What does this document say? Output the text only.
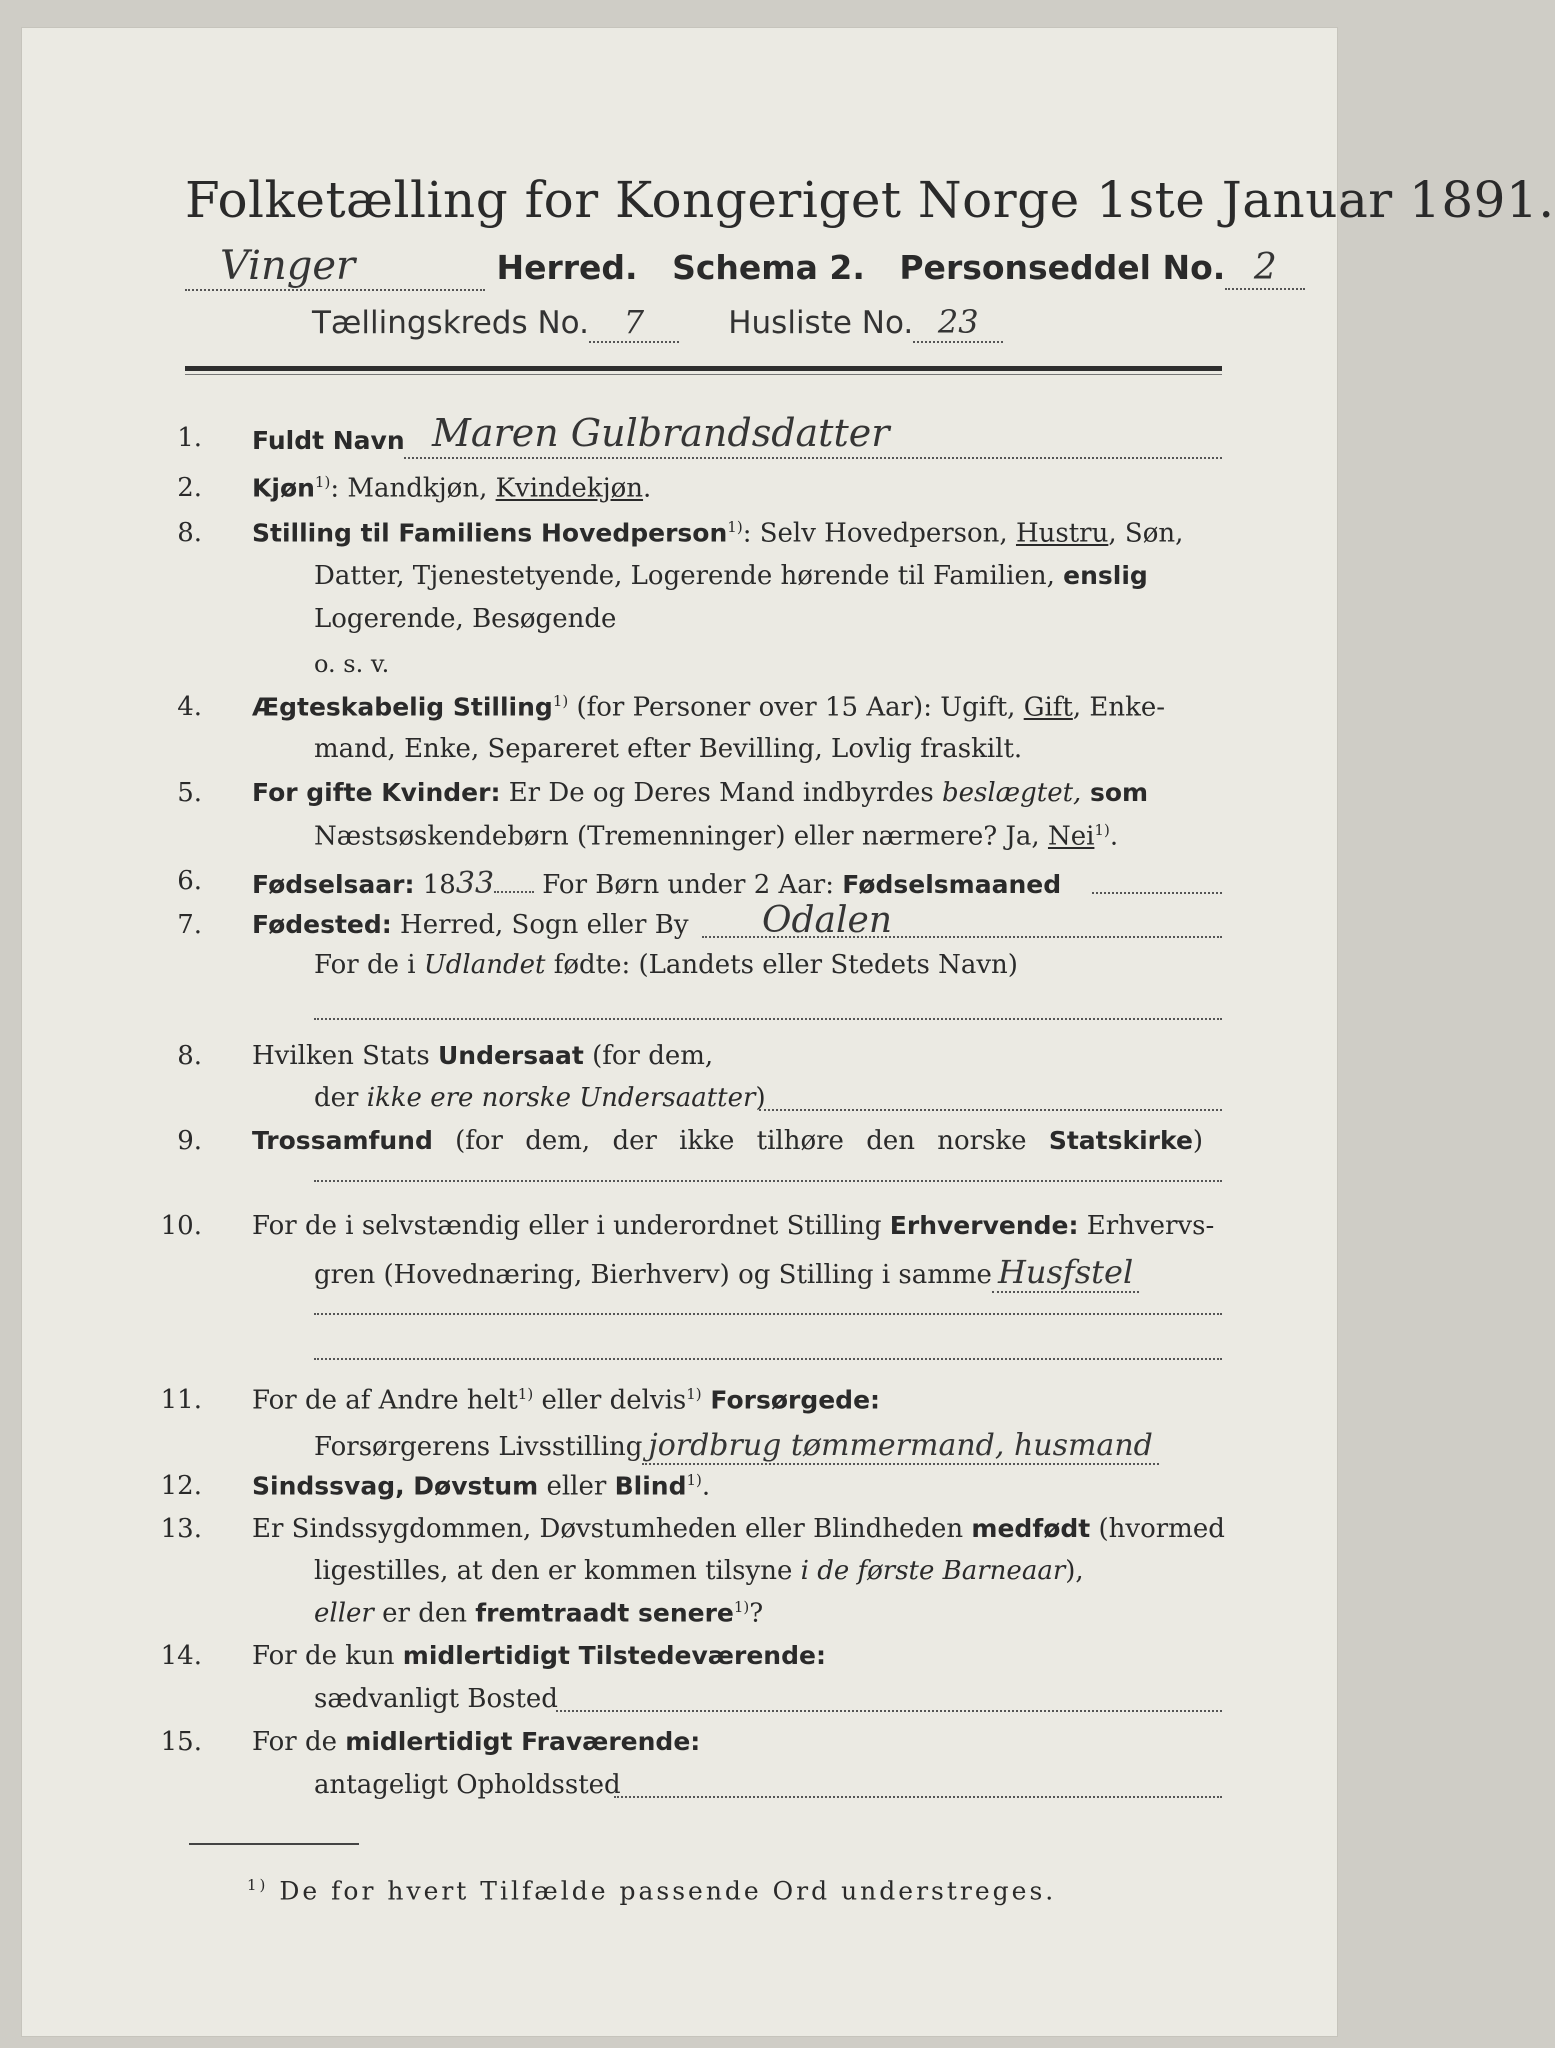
Folketælling for Kongeriget Norge 1ste Januar 1891.
Vinger	Herred. Schema 2. Personseddel No. 2
Tællingskreds No. 7	Husliste No. 23
1. Fuldt Navn Maren Gulbrandsdatter
2. Kjøn$^{1)}$: Mandkjøn, Kvindekjøn.
8. Stilling til Familiens Hovedperson$^{1)}$: Selv Hovedperson, Hustru, Søn,
Datter, Tjenestetyende, Logerende hørende til Familien, enslig
Logerende, Besøgende
o. s. v.
4. Ægteskabelig Stilling$^{1)}$ (for Personer over 15 Aar): Ugift, Gift, Enke-
mand, Enke, Separeret efter Bevilling, Lovlig fraskilt.
5. For gifte Kvinder: Er De og Deres Mand indbyrdes beslægtet, som
Næstsøskendebørn (Tremenninger) eller nærmere? Ja, Nei$^{1)}$.
6. Fødselsaar: 1833 For Børn under 2 Aar: Fødselsmaaned
7. Fødested: Herred, Sogn eller By Odalen
For de i Udlandet fødte: (Landets eller Stedets Navn)
8. Hvilken Stats Undersaat (for dem,
der ikke ere norske Undersaatter)
9. Trossamfund (for dem, der ikke tilhøre den norske Statskirke)
10. For de i selvstændig eller i underordnet Stilling Erhvervende: Erhvervs-
gren (Hovednæring, Bierhverv) og Stilling i samme Husfstel
11. For de af Andre helt$^{1)}$ eller delvis$^{1)}$ Forsørgede:
Forsørgerens Livsstilling jordbrug tømmermand, husmand
12. Sindssvag, Døvstum eller Blind$^{1)}$.
13. Er Sindssygdommen, Døvstumheden eller Blindheden medfødt (hvormed
ligestilles, at den er kommen tilsyne i de første Barneaar),
eller er den fremtraadt senere$^{1)}$?
14. For de kun midlertidigt Tilstedeværende:
sædvanligt Bosted
15. For de midlertidigt Fraværende:
antageligt Opholdssted
$^{1)}$ De for hvert Tilfælde passende Ord understreges.
